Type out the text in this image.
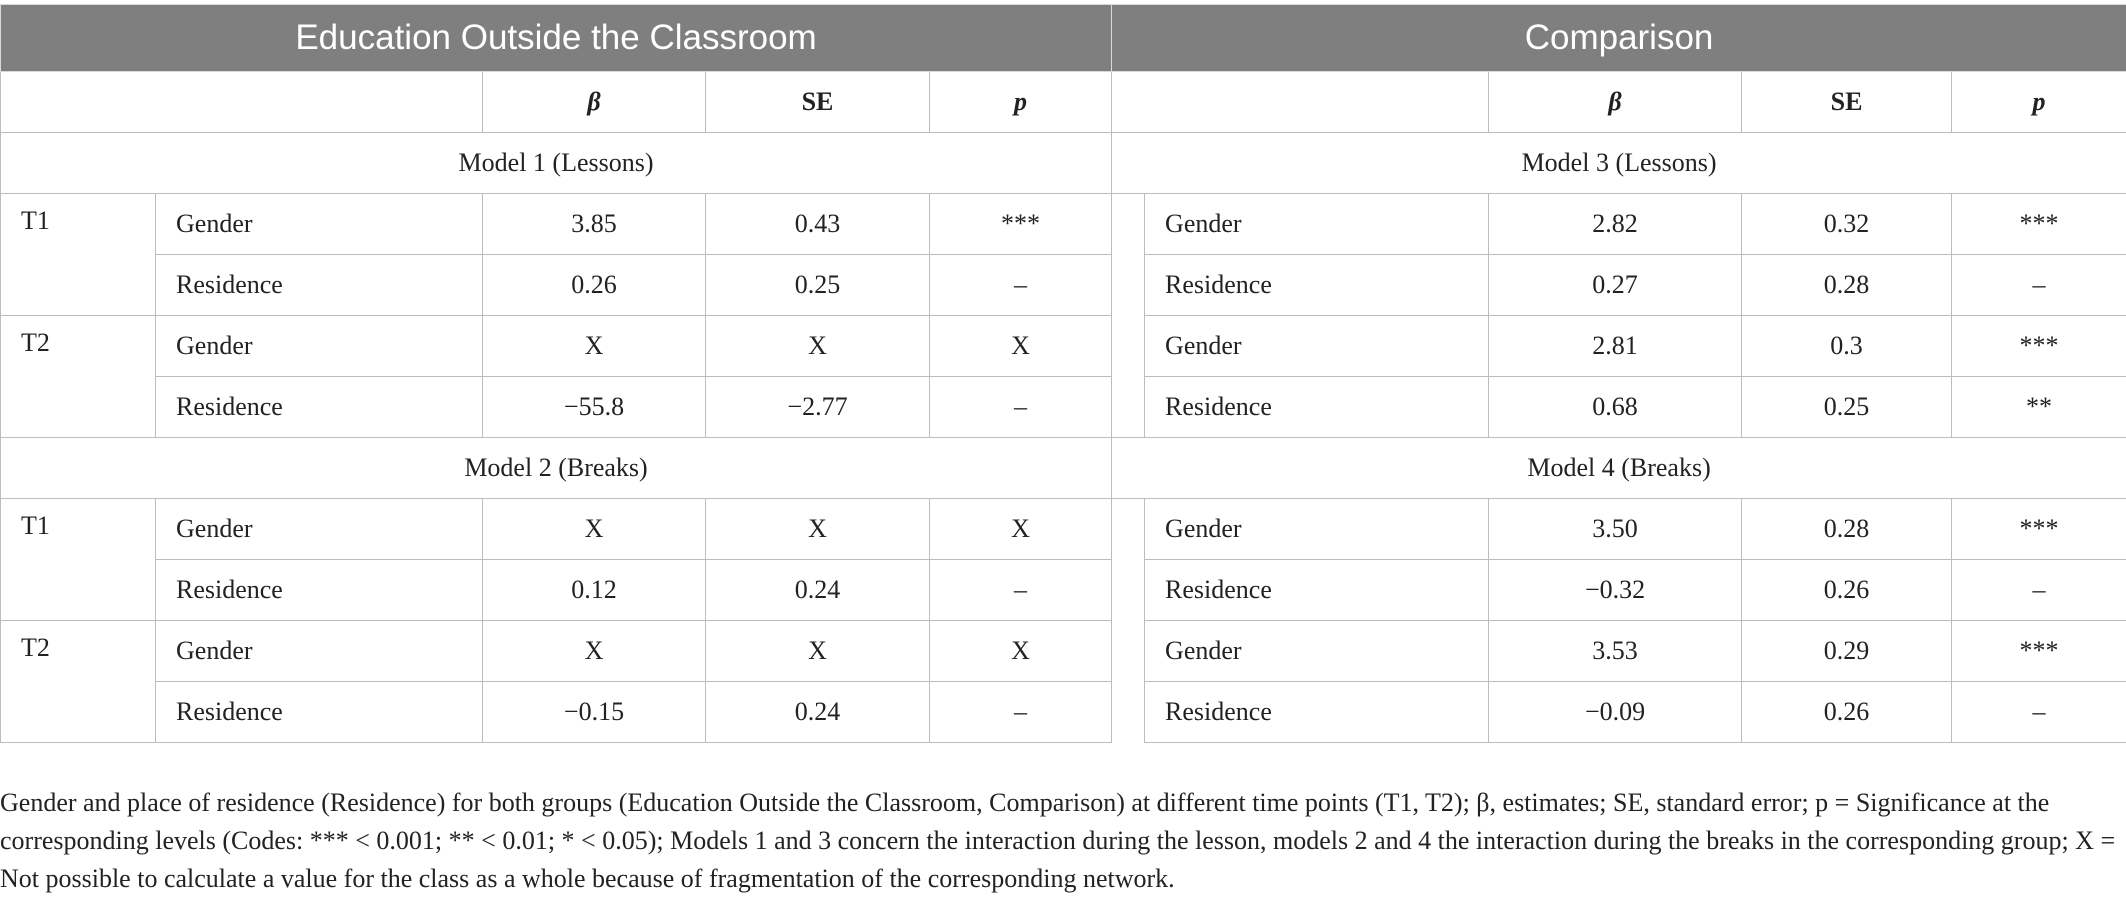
Education Outside the Classroom					Comparison				
		β	SE	p			β	SE	p
Model 1 (Lessons)					Model 3 (Lessons)				
T1	Gender	3.85	0.43	***		Gender	2.82	0.32	***
	Residence	0.26	0.25	–		Residence	0.27	0.28	–
T2	Gender	X	X	X		Gender	2.81	0.3	***
	Residence	−55.8	−2.77	–		Residence	0.68	0.25	**
Model 2 (Breaks)					Model 4 (Breaks)				
T1	Gender	X	X	X		Gender	3.50	0.28	***
	Residence	0.12	0.24	–		Residence	−0.32	0.26	–
T2	Gender	X	X	X		Gender	3.53	0.29	***
	Residence	−0.15	0.24	–		Residence	−0.09	0.26	–
Gender and place of residence (Residence) for both groups (Education Outside the Classroom, Comparison) at different time points (T1, T2); β, estimates; SE, standard error; p = Significance at the corresponding levels (Codes: *** < 0.001; ** < 0.01; * < 0.05); Models 1 and 3 concern the interaction during the lesson, models 2 and 4 the interaction during the breaks in the corresponding group; X = Not possible to calculate a value for the class as a whole because of fragmentation of the corresponding network.
